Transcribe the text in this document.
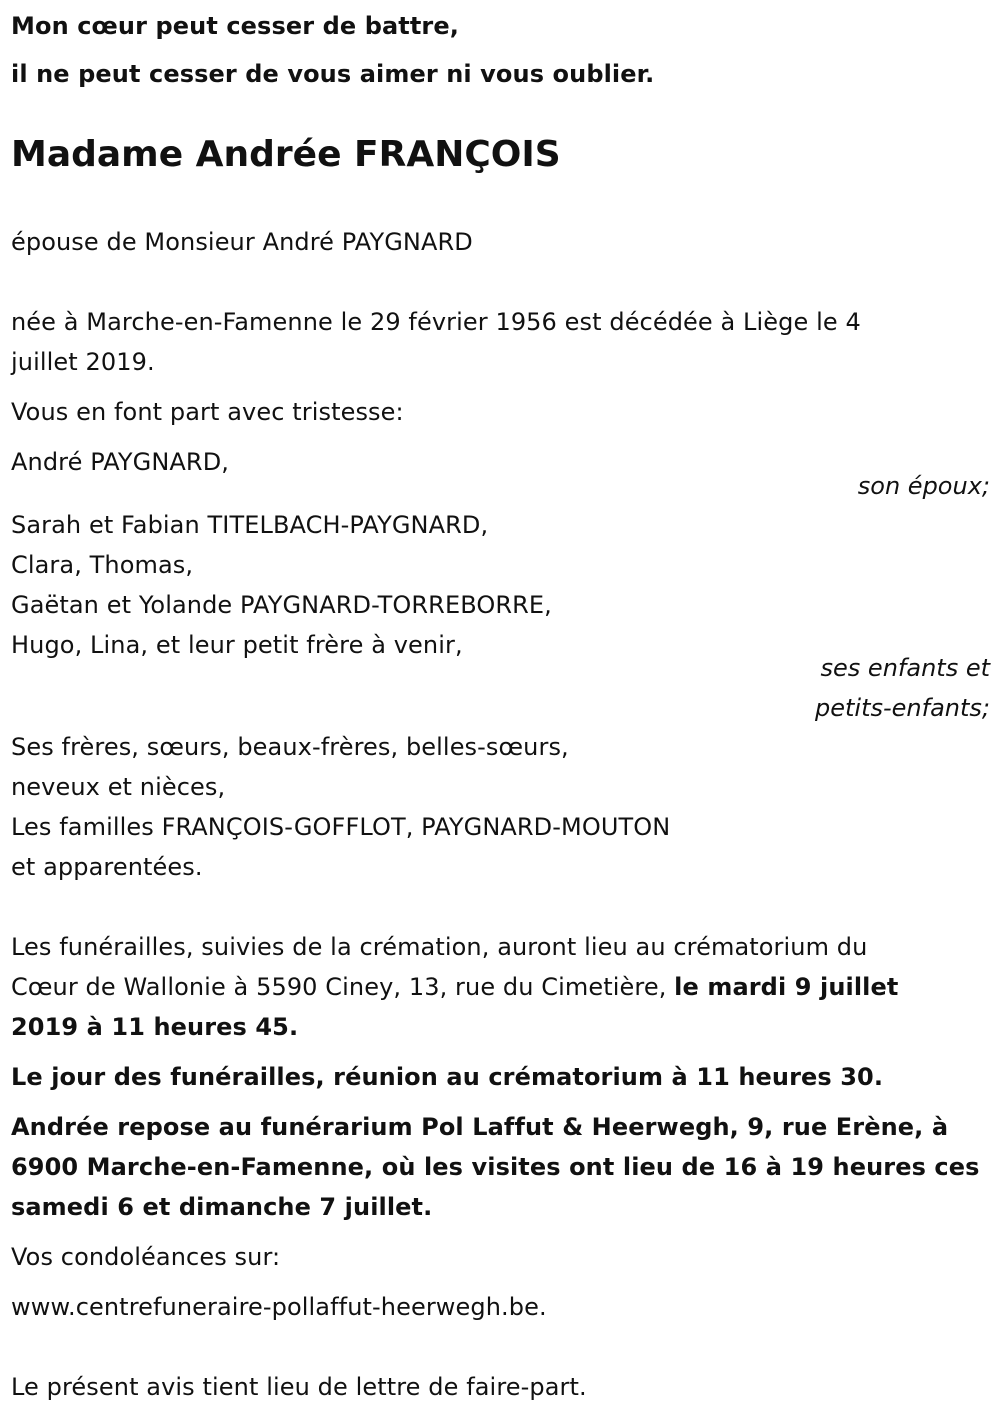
Mon cœur peut cesser de battre,

il ne peut cesser de vous aimer ni vous oublier.

Madame Andrée FRANÇOIS

épouse de Monsieur André PAYGNARD

née à Marche-en-Famenne le 29 février 1956 est décédée à Liège le 4

juillet 2019.

Vous en font part avec tristesse:

André PAYGNARD,

son époux;

Sarah et Fabian TITELBACH-PAYGNARD,

Clara, Thomas,

Gaëtan et Yolande PAYGNARD-TORREBORRE,

Hugo, Lina, et leur petit frère à venir,

ses enfants et

petits-enfants;

Ses frères, sœurs, beaux-frères, belles-sœurs,

neveux et nièces,

Les familles FRANÇOIS-GOFFLOT, PAYGNARD-MOUTON

et apparentées.

Les funérailles, suivies de la crémation, auront lieu au crématorium du

Cœur de Wallonie à 5590 Ciney, 13, rue du Cimetière, le mardi 9 juillet

2019 à 11 heures 45.

Le jour des funérailles, réunion au crématorium à 11 heures 30.

Andrée repose au funérarium Pol Laffut & Heerwegh, 9, rue Erène, à

6900 Marche-en-Famenne, où les visites ont lieu de 16 à 19 heures ces

samedi 6 et dimanche 7 juillet.

Vos condoléances sur:

www.centrefuneraire-pollaffut-heerwegh.be.

Le présent avis tient lieu de lettre de faire-part.
